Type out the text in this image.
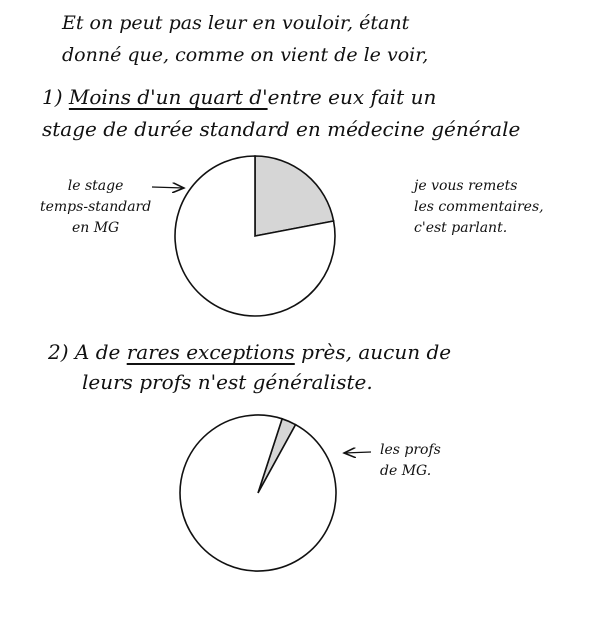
Et on peut pas leur en vouloir, étant
donné que, comme on vient de le voir,
1) Moins d'un quart d'entre eux fait un
stage de durée standard en médecine générale
le stage
temps-standard
en MG
je vous remets
les commentaires,
c'est parlant.
2) A de rares exceptions près, aucun de
leurs profs n'est généraliste.
les profs
de MG.
